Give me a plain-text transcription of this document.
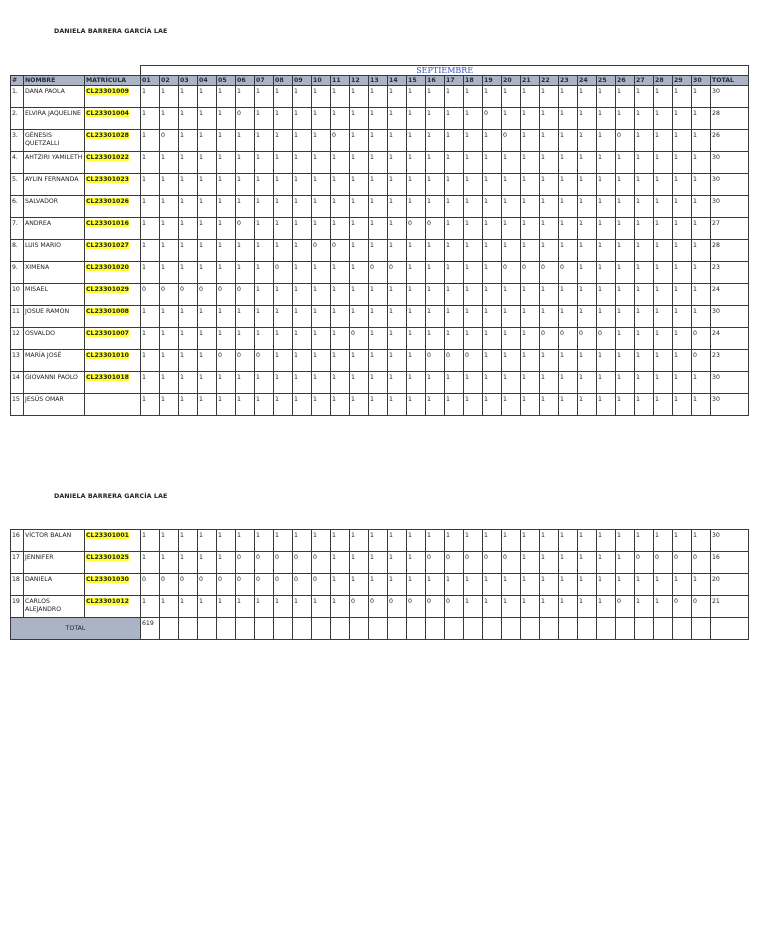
DANIELA BARRERA GARCÍA LAE
			SEPTIEMBRE																														
#	NOMBRE	MATRÍCULA	01	02	03	04	05	06	07	08	09	10	11	12	13	14	15	16	17	18	19	20	21	22	23	24	25	26	27	28	29	30	TOTAL
1.	DANA PAOLA	CL23301009	1	1	1	1	1	1	1	1	1	1	1	1	1	1	1	1	1	1	1	1	1	1	1	1	1	1	1	1	1	1	30
2.	ELVIRA JAQUELINE	CL23301004	1	1	1	1	1	0	1	1	1	1	1	1	1	1	1	1	1	1	0	1	1	1	1	1	1	1	1	1	1	1	28
3.	GÉNESIS QUETZALLI	CL23301028	1	0	1	1	1	1	1	1	1	1	0	1	1	1	1	1	1	1	1	0	1	1	1	1	1	0	1	1	1	1	26
4.	AHTZIRI YAMILETH	CL23301022	1	1	1	1	1	1	1	1	1	1	1	1	1	1	1	1	1	1	1	1	1	1	1	1	1	1	1	1	1	1	30
5.	AYLIN FERNANDA	CL23301023	1	1	1	1	1	1	1	1	1	1	1	1	1	1	1	1	1	1	1	1	1	1	1	1	1	1	1	1	1	1	30
6.	SALVADOR	CL23301026	1	1	1	1	1	1	1	1	1	1	1	1	1	1	1	1	1	1	1	1	1	1	1	1	1	1	1	1	1	1	30
7.	ANDREA	CL23301016	1	1	1	1	1	0	1	1	1	1	1	1	1	1	0	0	1	1	1	1	1	1	1	1	1	1	1	1	1	1	27
8.	LUIS MARIO	CL23301027	1	1	1	1	1	1	1	1	1	0	0	1	1	1	1	1	1	1	1	1	1	1	1	1	1	1	1	1	1	1	28
9.	XIMENA	CL23301020	1	1	1	1	1	1	1	0	1	1	1	1	0	0	1	1	1	1	1	0	0	0	0	1	1	1	1	1	1	1	23
10	MISAEL	CL23301029	0	0	0	0	0	0	1	1	1	1	1	1	1	1	1	1	1	1	1	1	1	1	1	1	1	1	1	1	1	1	24
11	JOSUE RAMON	CL23301008	1	1	1	1	1	1	1	1	1	1	1	1	1	1	1	1	1	1	1	1	1	1	1	1	1	1	1	1	1	1	30
12	OSVALDO	CL23301007	1	1	1	1	1	1	1	1	1	1	1	0	1	1	1	1	1	1	1	1	1	0	0	0	0	1	1	1	1	0	24
13	MARÍA JOSÉ	CL23301010	1	1	1	1	0	0	0	1	1	1	1	1	1	1	1	0	0	0	1	1	1	1	1	1	1	1	1	1	1	0	23
14	GIOVANNI PAOLO	CL23301018	1	1	1	1	1	1	1	1	1	1	1	1	1	1	1	1	1	1	1	1	1	1	1	1	1	1	1	1	1	1	30
15	JESÚS OMAR		1	1	1	1	1	1	1	1	1	1	1	1	1	1	1	1	1	1	1	1	1	1	1	1	1	1	1	1	1	1	30
DANIELA BARRERA GARCÍA LAE
16	VÍCTOR BALAN	CL23301001	1	1	1	1	1	1	1	1	1	1	1	1	1	1	1	1	1	1	1	1	1	1	1	1	1	1	1	1	1	1	30
17	JENNIFER	CL23301025	1	1	1	1	1	0	0	0	0	0	1	1	1	1	1	0	0	0	0	0	1	1	1	1	1	1	0	0	0	0	16
18	DANIELA	CL23301030	0	0	0	0	0	0	0	0	0	0	1	1	1	1	1	1	1	1	1	1	1	1	1	1	1	1	1	1	1	1	20
19	CARLOS ALEJANDRO	CL23301012	1	1	1	1	1	1	1	1	1	1	1	0	0	0	0	0	0	1	1	1	1	1	1	1	1	0	1	1	0	0	21
TOTAL			619																														
